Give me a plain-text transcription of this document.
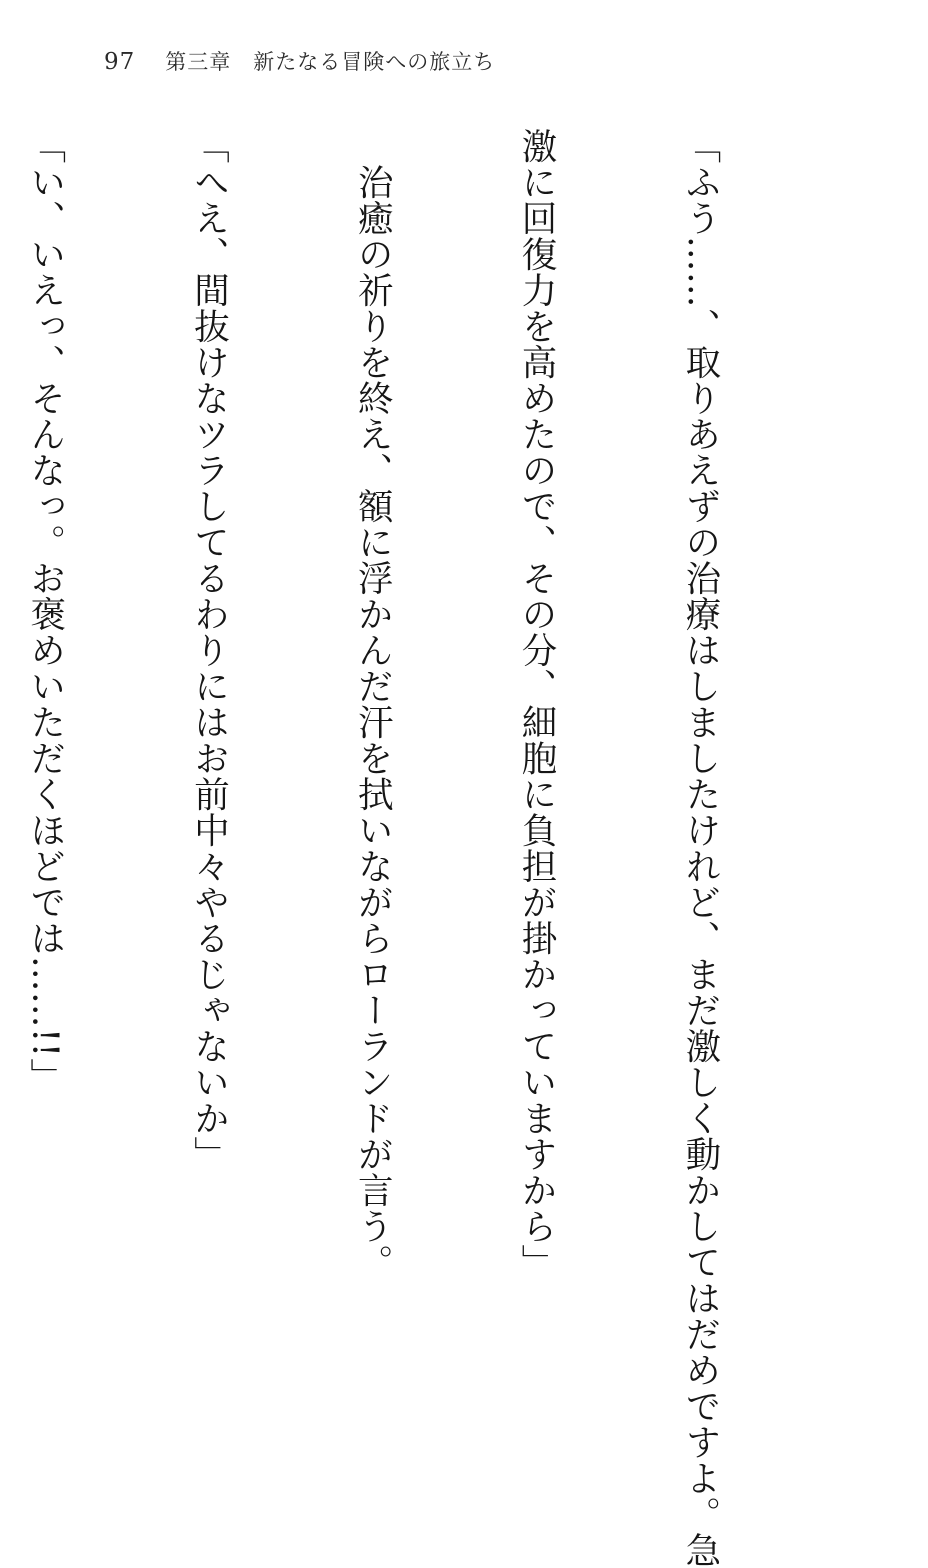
97 第三章 新たなる冒険への旅立ち

「ふう……、取りあえずの治療はしましたけれど、まだ激しく動かしてはだめですよ。急

激に回復力を高めたので、その分、細胞に負担が掛かっていますから」

　治癒の祈りを終え、額に浮かんだ汗を拭いながらローランドが言う。

「へえ、間抜けなツラしてるわりにはお前中々やるじゃないか」

「い、いえっ、そんなっ。お褒めいただくほどでは……!!」
